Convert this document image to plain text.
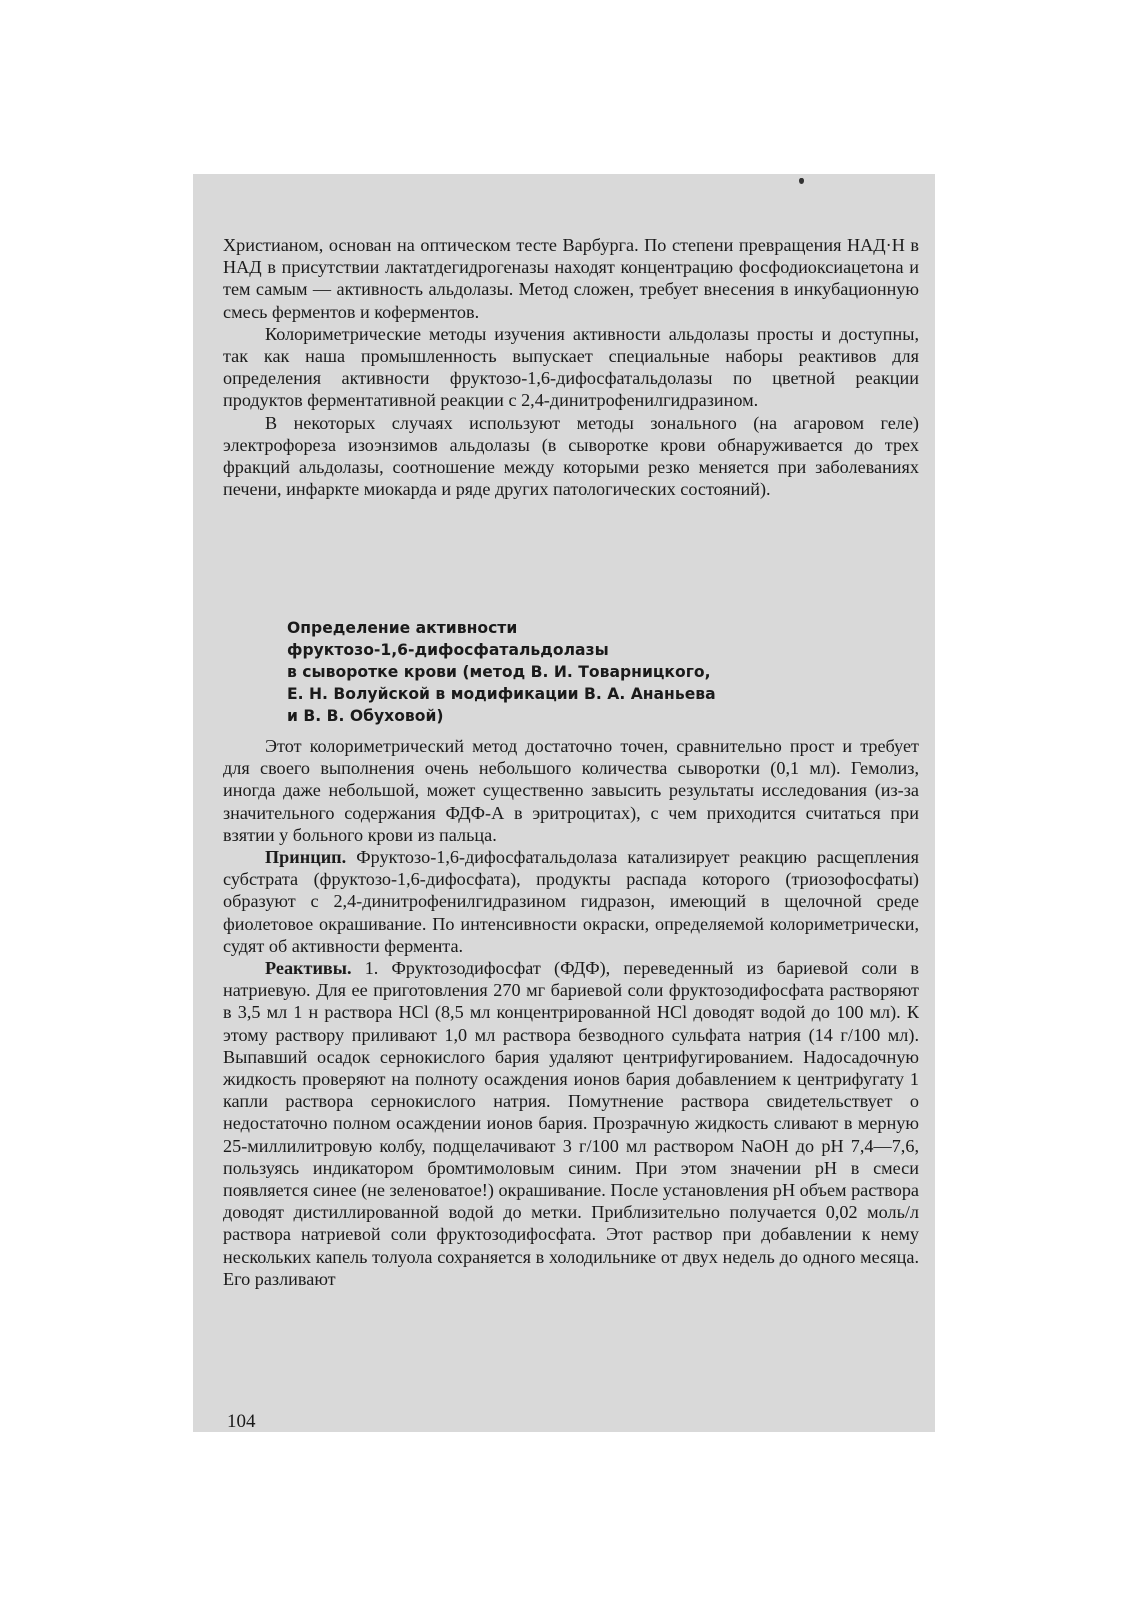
Христианом, основан на оптическом тесте Варбурга. По степени превращения НАД·Н в НАД в присутствии лактатдегидрогеназы находят концентрацию фосфодиоксиацетона и тем самым — активность альдолазы. Метод сложен, требует внесения в инкубационную смесь ферментов и коферментов.

Колориметрические методы изучения активности альдолазы просты и доступны, так как наша промышленность выпускает специальные наборы реактивов для определения активности фруктозо-1,6-дифосфатальдолазы по цветной реакции продуктов ферментативной реакции с 2,4-динитрофенилгидразином.

В некоторых случаях используют методы зонального (на агаровом геле) электрофореза изоэнзимов альдолазы (в сыворотке крови обнаруживается до трех фракций альдолазы, соотношение между которыми резко меняется при заболеваниях печени, инфаркте миокарда и ряде других патологических состояний).

Определение активности
фруктозо-1,6-дифосфатальдолазы
в сыворотке крови (метод В. И. Товарницкого,
Е. Н. Волуйской в модификации В. А. Ананьева
и В. В. Обуховой)

Этот колориметрический метод достаточно точен, сравнительно прост и требует для своего выполнения очень небольшого количества сыворотки (0,1 мл). Гемолиз, иногда даже небольшой, может существенно завысить результаты исследования (из-за значительного содержания ФДФ-А в эритроцитах), с чем приходится считаться при взятии у больного крови из пальца.

Принцип. Фруктозо-1,6-дифосфатальдолаза катализирует реакцию расщепления субстрата (фруктозо-1,6-дифосфата), продукты распада которого (триозофосфаты) образуют с 2,4-динитрофенилгидразином гидразон, имеющий в щелочной среде фиолетовое окрашивание. По интенсивности окраски, определяемой колориметрически, судят об активности фермента.

Реактивы. 1. Фруктозодифосфат (ФДФ), переведенный из бариевой соли в натриевую. Для ее приготовления 270 мг бариевой соли фруктозодифосфата растворяют в 3,5 мл 1 н раствора HCl (8,5 мл концентрированной HCl доводят водой до 100 мл). К этому раствору приливают 1,0 мл раствора безводного сульфата натрия (14 г/100 мл). Выпавший осадок сернокислого бария удаляют центрифугированием. Надосадочную жидкость проверяют на полноту осаждения ионов бария добавлением к центрифугату 1 капли раствора сернокислого натрия. Помутнение раствора свидетельствует о недостаточно полном осаждении ионов бария. Прозрачную жидкость сливают в мерную 25-миллилитровую колбу, подщелачивают 3 г/100 мл раствором NaOH до pH 7,4—7,6, пользуясь индикатором бромтимоловым синим. При этом значении pH в смеси появляется синее (не зеленоватое!) окрашивание. После установления pH объем раствора доводят дистиллированной водой до метки. Приблизительно получается 0,02 моль/л раствора натриевой соли фруктозодифосфата. Этот раствор при добавлении к нему нескольких капель толуола сохраняется в холодильнике от двух недель до одного месяца. Его разливают

104
